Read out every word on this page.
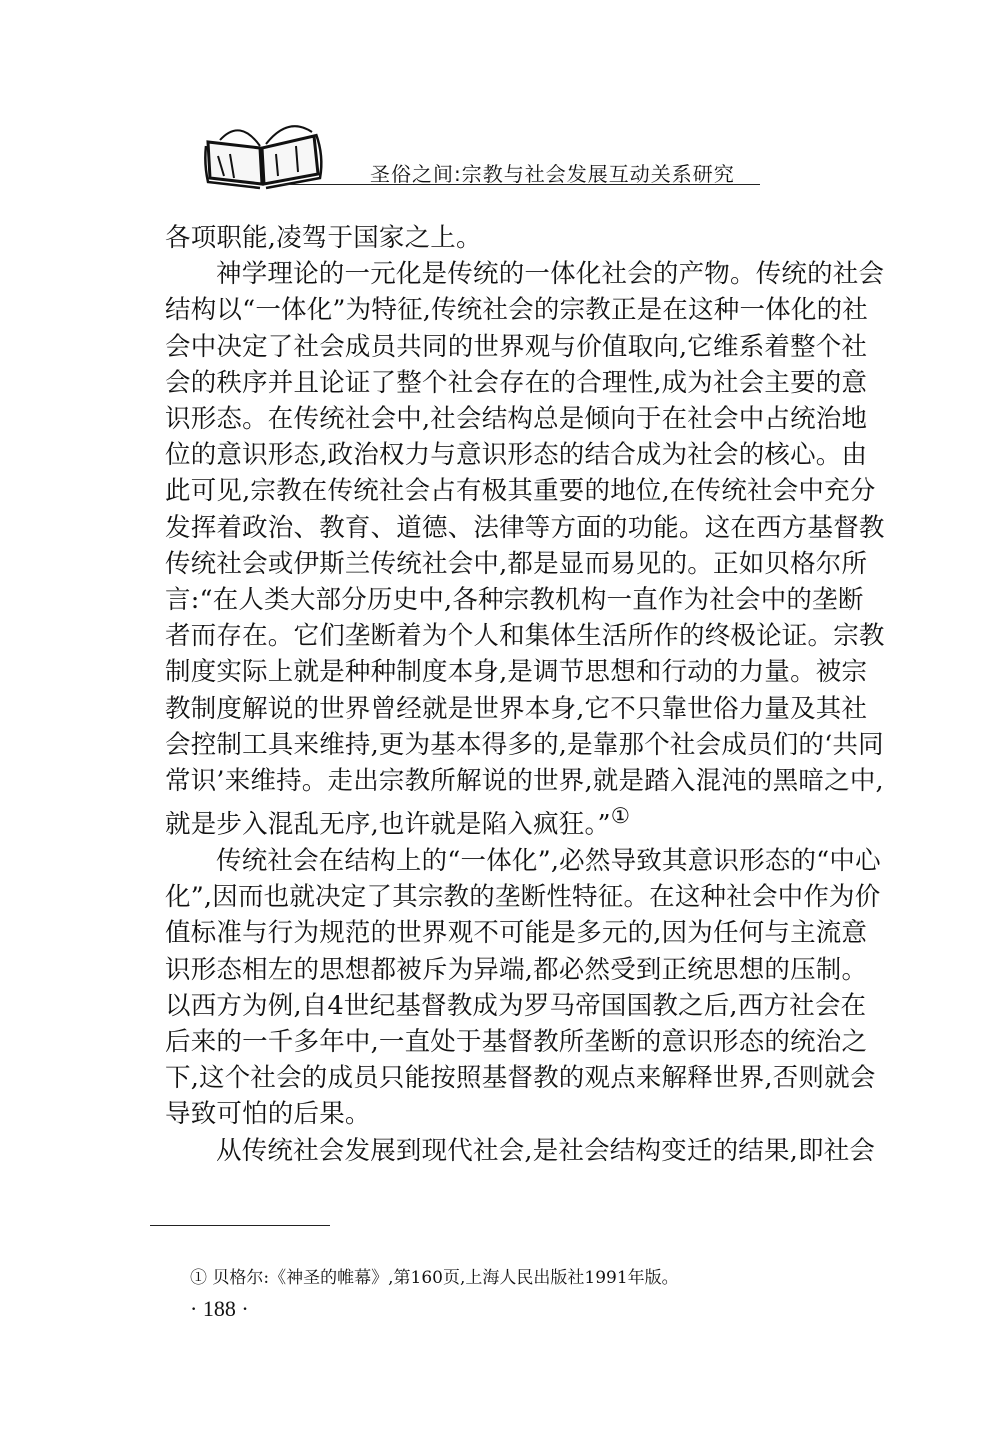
圣俗之间:宗教与社会发展互动关系研究

各项职能,凌驾于国家之上。

神学理论的一元化是传统的一体化社会的产物。传统的社会结构以“一体化”为特征,传统社会的宗教正是在这种一体化的社会中决定了社会成员共同的世界观与价值取向,它维系着整个社会的秩序并且论证了整个社会存在的合理性,成为社会主要的意识形态。在传统社会中,社会结构总是倾向于在社会中占统治地位的意识形态,政治权力与意识形态的结合成为社会的核心。由此可见,宗教在传统社会占有极其重要的地位,在传统社会中充分发挥着政治、教育、道德、法律等方面的功能。这在西方基督教传统社会或伊斯兰传统社会中,都是显而易见的。正如贝格尔所言:“在人类大部分历史中,各种宗教机构一直作为社会中的垄断者而存在。它们垄断着为个人和集体生活所作的终极论证。宗教制度实际上就是种种制度本身,是调节思想和行动的力量。被宗教制度解说的世界曾经就是世界本身,它不只靠世俗力量及其社会控制工具来维持,更为基本得多的,是靠那个社会成员们的‘共同常识’来维持。走出宗教所解说的世界,就是踏入混沌的黑暗之中,就是步入混乱无序,也许就是陷入疯狂。”①

传统社会在结构上的“一体化”,必然导致其意识形态的“中心化”,因而也就决定了其宗教的垄断性特征。在这种社会中作为价值标准与行为规范的世界观不可能是多元的,因为任何与主流意识形态相左的思想都被斥为异端,都必然受到正统思想的压制。以西方为例,自4世纪基督教成为罗马帝国国教之后,西方社会在后来的一千多年中,一直处于基督教所垄断的意识形态的统治之下,这个社会的成员只能按照基督教的观点来解释世界,否则就会导致可怕的后果。

从传统社会发展到现代社会,是社会结构变迁的结果,即社会

① 贝格尔:《神圣的帷幕》,第160页,上海人民出版社1991年版。
· 188 ·
